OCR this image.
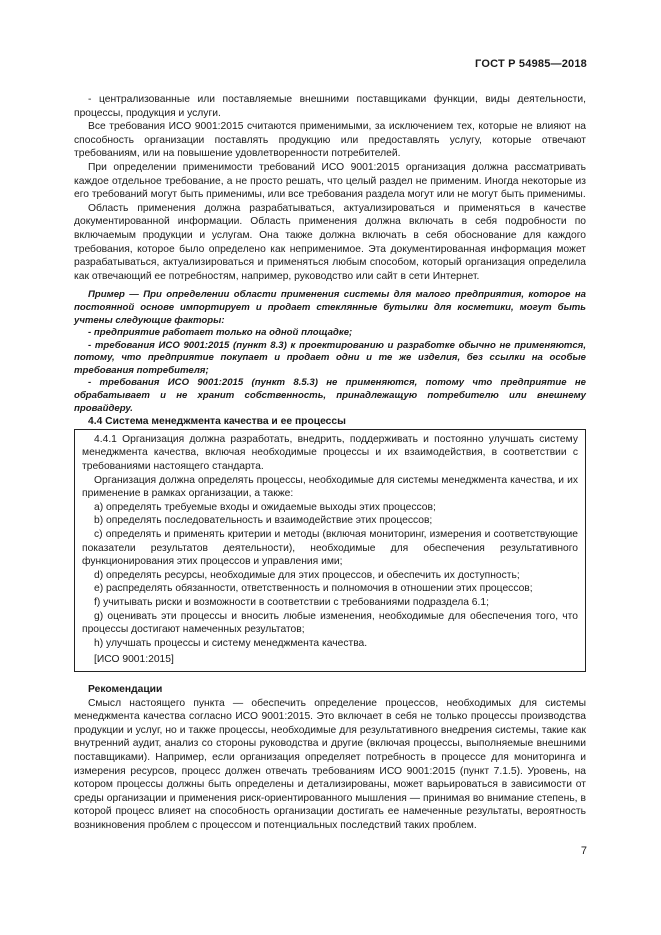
ГОСТ Р 54985—2018

- централизованные или поставляемые внешними поставщиками функции, виды деятельности, процессы, продукция и услуги.

Все требования ИСО 9001:2015 считаются применимыми, за исключением тех, которые не влияют на способность организации поставлять продукцию или предоставлять услугу, которые отвечают требованиям, или на повышение удовлетворенности потребителей.

При определении применимости требований ИСО 9001:2015 организация должна рассматривать каждое отдельное требование, а не просто решать, что целый раздел не применим. Иногда некоторые из его требований могут быть применимы, или все требования раздела могут или не могут быть применимы.

Область применения должна разрабатываться, актуализироваться и применяться в качестве документированной информации. Область применения должна включать в себя подробности по включаемым продукции и услугам. Она также должна включать в себя обоснование для каждого требования, которое было определено как неприменимое. Эта документированная информация может разрабатываться, актуализироваться и применяться любым способом, который организация определила как отвечающий ее потребностям, например, руководство или сайт в сети Интернет.

Пример — При определении области применения системы для малого предприятия, которое на постоянной основе импортирует и продает стеклянные бутылки для косметики, могут быть учтены следующие факторы:

- предприятие работает только на одной площадке;

- требования ИСО 9001:2015 (пункт 8.3) к проектированию и разработке обычно не применяются, потому, что предприятие покупает и продает одни и те же изделия, без ссылки на особые требования потребителя;

- требования ИСО 9001:2015 (пункт 8.5.3) не применяются, потому что предприятие не обрабатывает и не хранит собственность, принадлежащую потребителю или внешнему провайдеру.

4.4 Система менеджмента качества и ее процессы

4.4.1 Организация должна разработать, внедрить, поддерживать и постоянно улучшать систему менеджмента качества, включая необходимые процессы и их взаимодействия, в соответствии с требованиями настоящего стандарта.

Организация должна определять процессы, необходимые для системы менеджмента качества, и их применение в рамках организации, а также:

a) определять требуемые входы и ожидаемые выходы этих процессов;

b) определять последовательность и взаимодействие этих процессов;

c) определять и применять критерии и методы (включая мониторинг, измерения и соответствующие показатели результатов деятельности), необходимые для обеспечения результативного функционирования этих процессов и управления ими;

d) определять ресурсы, необходимые для этих процессов, и обеспечить их доступность;

e) распределять обязанности, ответственность и полномочия в отношении этих процессов;

f) учитывать риски и возможности в соответствии с требованиями подраздела 6.1;

g) оценивать эти процессы и вносить любые изменения, необходимые для обеспечения того, что процессы достигают намеченных результатов;

h) улучшать процессы и систему менеджмента качества.

[ИСО 9001:2015]

Рекомендации

Смысл настоящего пункта — обеспечить определение процессов, необходимых для системы менеджмента качества согласно ИСО 9001:2015. Это включает в себя не только процессы производства продукции и услуг, но и также процессы, необходимые для результативного внедрения системы, такие как внутренний аудит, анализ со стороны руководства и другие (включая процессы, выполняемые внешними поставщиками). Например, если организация определяет потребность в процессе для мониторинга и измерения ресурсов, процесс должен отвечать требованиям ИСО 9001:2015 (пункт 7.1.5). Уровень, на котором процессы должны быть определены и детализированы, может варьироваться в зависимости от среды организации и применения риск-ориентированного мышления — принимая во внимание степень, в которой процесс влияет на способность организации достигать ее намеченные результаты, вероятность возникновения проблем с процессом и потенциальных последствий таких проблем.

7
